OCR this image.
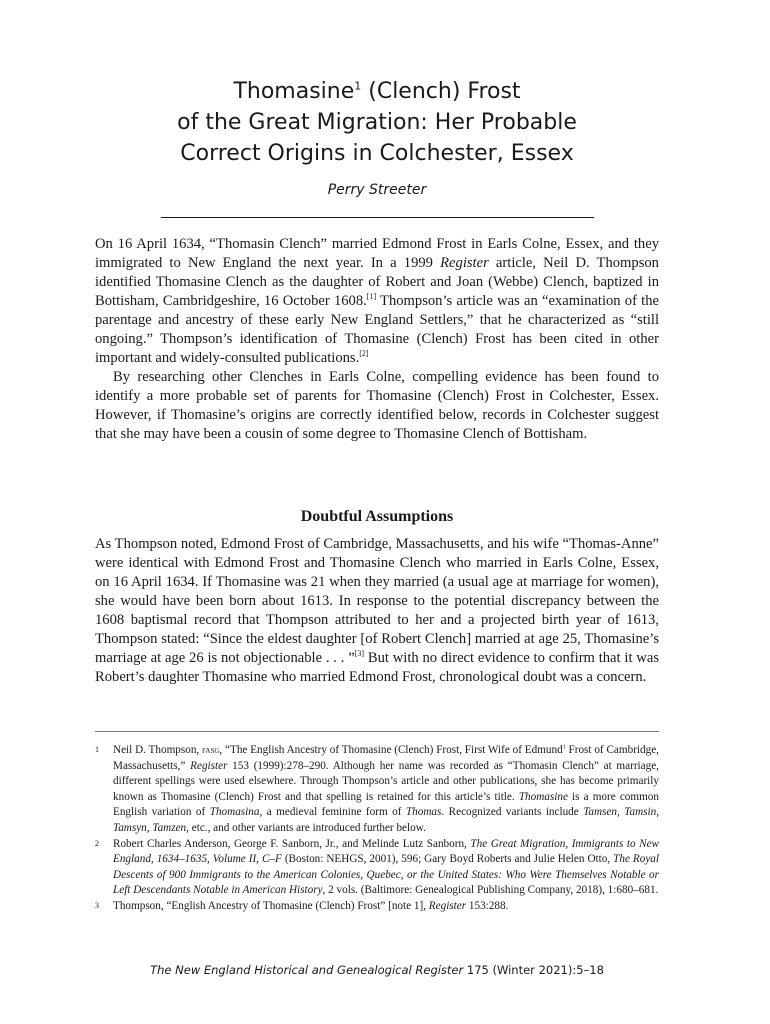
Thomasine$^1$ (Clench) Frost
of the Great Migration: Her Probable
Correct Origins in Colchester, Essex
Perry Streeter

On 16 April 1634, “Thomasin Clench” married Edmond Frost in Earls Colne, Essex, and they immigrated to New England the next year. In a 1999 Register article, Neil D. Thompson identified Thomasine Clench as the daughter of Robert and Joan (Webbe) Clench, baptized in Bottisham, Cambridgeshire, 16 October 1608.[1] Thompson’s article was an “examination of the parentage and ancestry of these early New England Settlers,” that he characterized as “still ongoing.” Thompson’s identification of Thomasine (Clench) Frost has been cited in other important and widely-consulted publications.[2]

By researching other Clenches in Earls Colne, compelling evidence has been found to identify a more probable set of parents for Thomasine (Clench) Frost in Colchester, Essex. However, if Thomasine’s origins are correctly identified below, records in Colchester suggest that she may have been a cousin of some degree to Thomasine Clench of Bottisham.

Doubtful Assumptions

As Thompson noted, Edmond Frost of Cambridge, Massachusetts, and his wife “Thomas-Anne” were identical with Edmond Frost and Thomasine Clench who married in Earls Colne, Essex, on 16 April 1634. If Thomasine was 21 when they married (a usual age at marriage for women), she would have been born about 1613. In response to the potential discrepancy between the 1608 baptismal record that Thompson attributed to her and a projected birth year of 1613, Thompson stated: “Since the eldest daughter [of Robert Clench] married at age 25, Thomasine’s marriage at age 26 is not objectionable . . . ”[3] But with no direct evidence to confirm that it was Robert’s daughter Thomasine who married Edmond Frost, chronological doubt was a concern.

1 Neil D. Thompson, fasg, “The English Ancestry of Thomasine (Clench) Frost, First Wife of Edmund$^1$ Frost of Cambridge, Massachusetts,” Register 153 (1999):278–290. Although her name was recorded as “Thomasin Clench” at marriage, different spellings were used elsewhere. Through Thompson’s article and other publications, she has become primarily known as Thomasine (Clench) Frost and that spelling is retained for this article’s title. Thomasine is a more common English variation of Thomasina, a medieval feminine form of Thomas. Recognized variants include Tamsen, Tamsin, Tamsyn, Tamzen, etc., and other variants are introduced further below.

2 Robert Charles Anderson, George F. Sanborn, Jr., and Melinde Lutz Sanborn, The Great Migration, Immigrants to New England, 1634–1635, Volume II, C–F (Boston: NEHGS, 2001), 596; Gary Boyd Roberts and Julie Helen Otto, The Royal Descents of 900 Immigrants to the American Colonies, Quebec, or the United States: Who Were Themselves Notable or Left Descendants Notable in American History, 2 vols. (Baltimore: Genealogical Publishing Company, 2018), 1:680–681.

3 Thompson, “English Ancestry of Thomasine (Clench) Frost” [note 1], Register 153:288.

The New England Historical and Genealogical Register 175 (Winter 2021):5–18
